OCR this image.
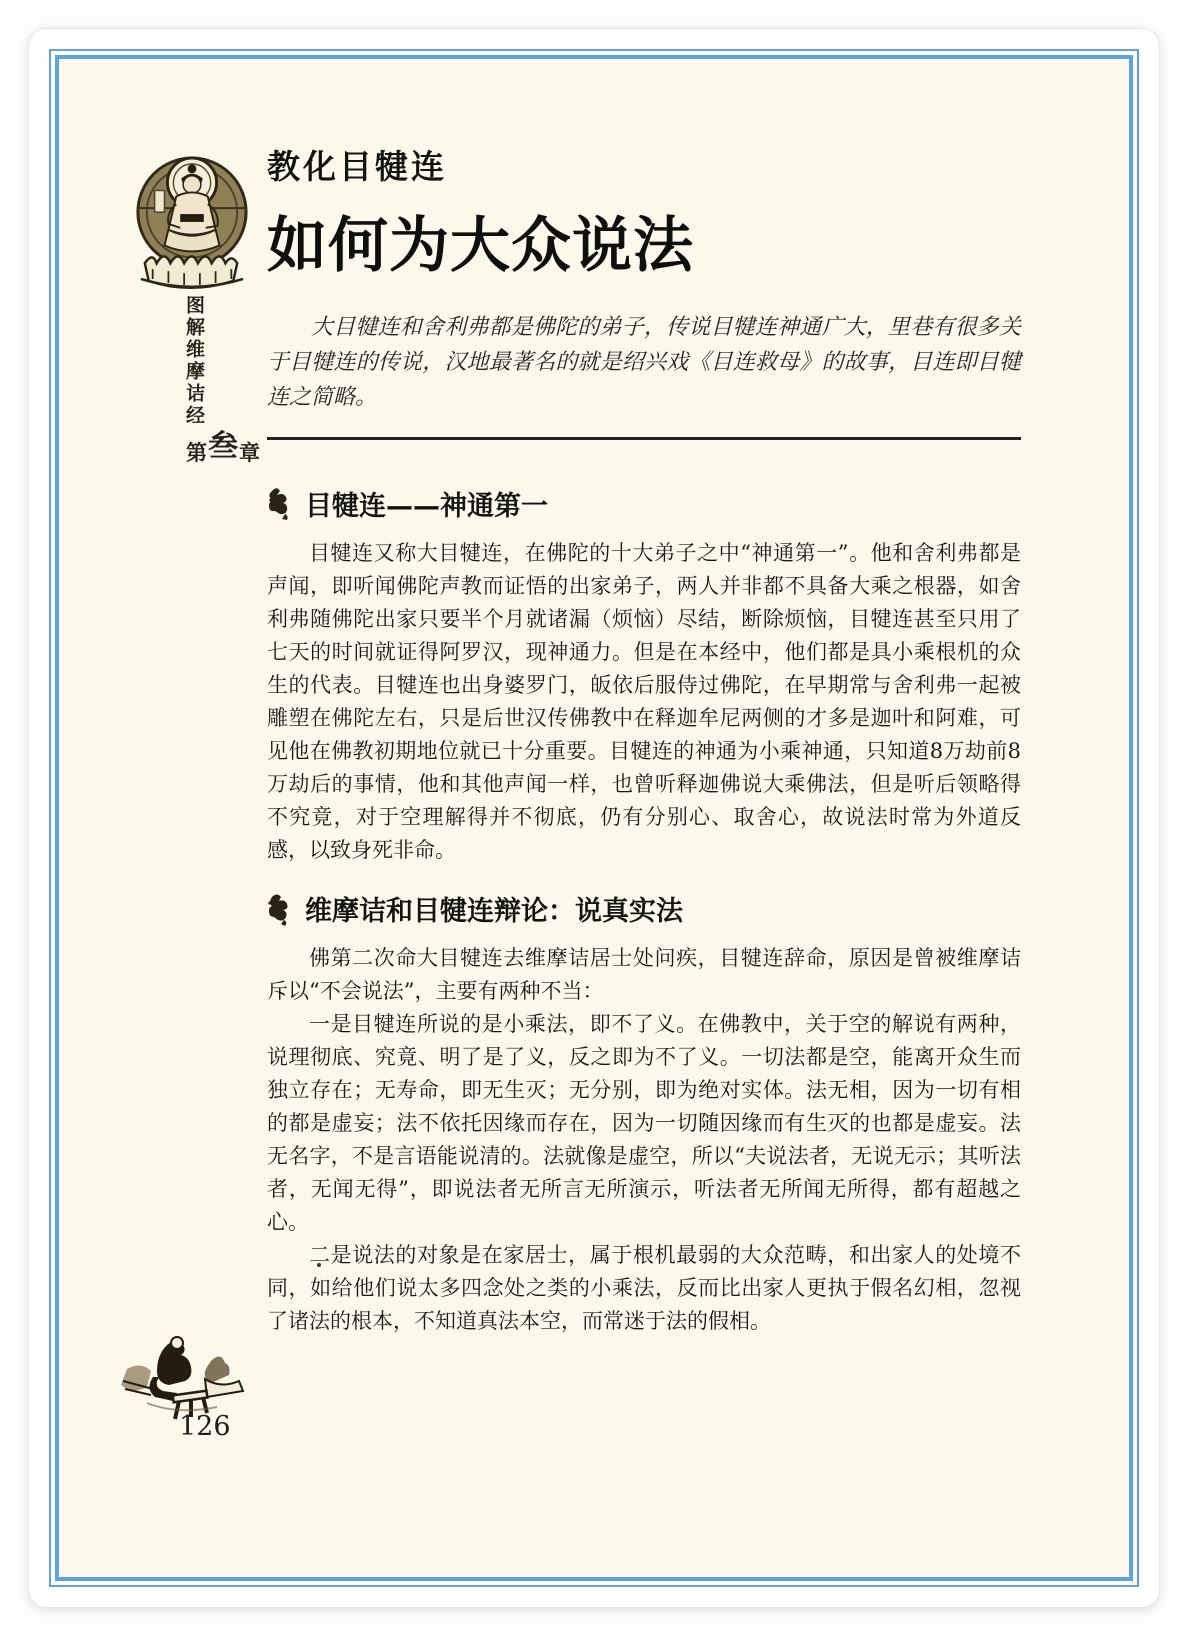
图解维摩诘经
第叁章
126
教化目犍连
如何为大众说法

大目犍连和舍利弗都是佛陀的弟子，传说目犍连神通广大，里巷有很多关于目犍连的传说，汉地最著名的就是绍兴戏《目连救母》的故事，目连即目犍连之简略。

目犍连——神通第一

目犍连又称大目犍连，在佛陀的十大弟子之中“神通第一”。他和舍利弗都是声闻，即听闻佛陀声教而证悟的出家弟子，两人并非都不具备大乘之根器，如舍利弗随佛陀出家只要半个月就诸漏（烦恼）尽结，断除烦恼，目犍连甚至只用了七天的时间就证得阿罗汉，现神通力。但是在本经中，他们都是具小乘根机的众生的代表。目犍连也出身婆罗门，皈依后服侍过佛陀，在早期常与舍利弗一起被雕塑在佛陀左右，只是后世汉传佛教中在释迦牟尼两侧的才多是迦叶和阿难，可见他在佛教初期地位就已十分重要。目犍连的神通为小乘神通，只知道8万劫前8万劫后的事情，他和其他声闻一样，也曾听释迦佛说大乘佛法，但是听后领略得不究竟，对于空理解得并不彻底，仍有分别心、取舍心，故说法时常为外道反感，以致身死非命。

维摩诘和目犍连辩论：说真实法

佛第二次命大目犍连去维摩诘居士处问疾，目犍连辞命，原因是曾被维摩诘斥以“不会说法”，主要有两种不当：

一是目犍连所说的是小乘法，即不了义。在佛教中，关于空的解说有两种，说理彻底、究竟、明了是了义，反之即为不了义。一切法都是空，能离开众生而独立存在；无寿命，即无生灭；无分别，即为绝对实体。法无相，因为一切有相的都是虚妄；法不依托因缘而存在，因为一切随因缘而有生灭的也都是虚妄。法无名字，不是言语能说清的。法就像是虚空，所以“夫说法者，无说无示；其听法者，无闻无得”，即说法者无所言无所演示，听法者无所闻无所得，都有超越之心。

二是说法的对象是在家居士，属于根机最弱的大众范畴，和出家人的处境不同，如给他们说太多四念处之类的小乘法，反而比出家人更执于假名幻相，忽视了诸法的根本，不知道真法本空，而常迷于法的假相。
